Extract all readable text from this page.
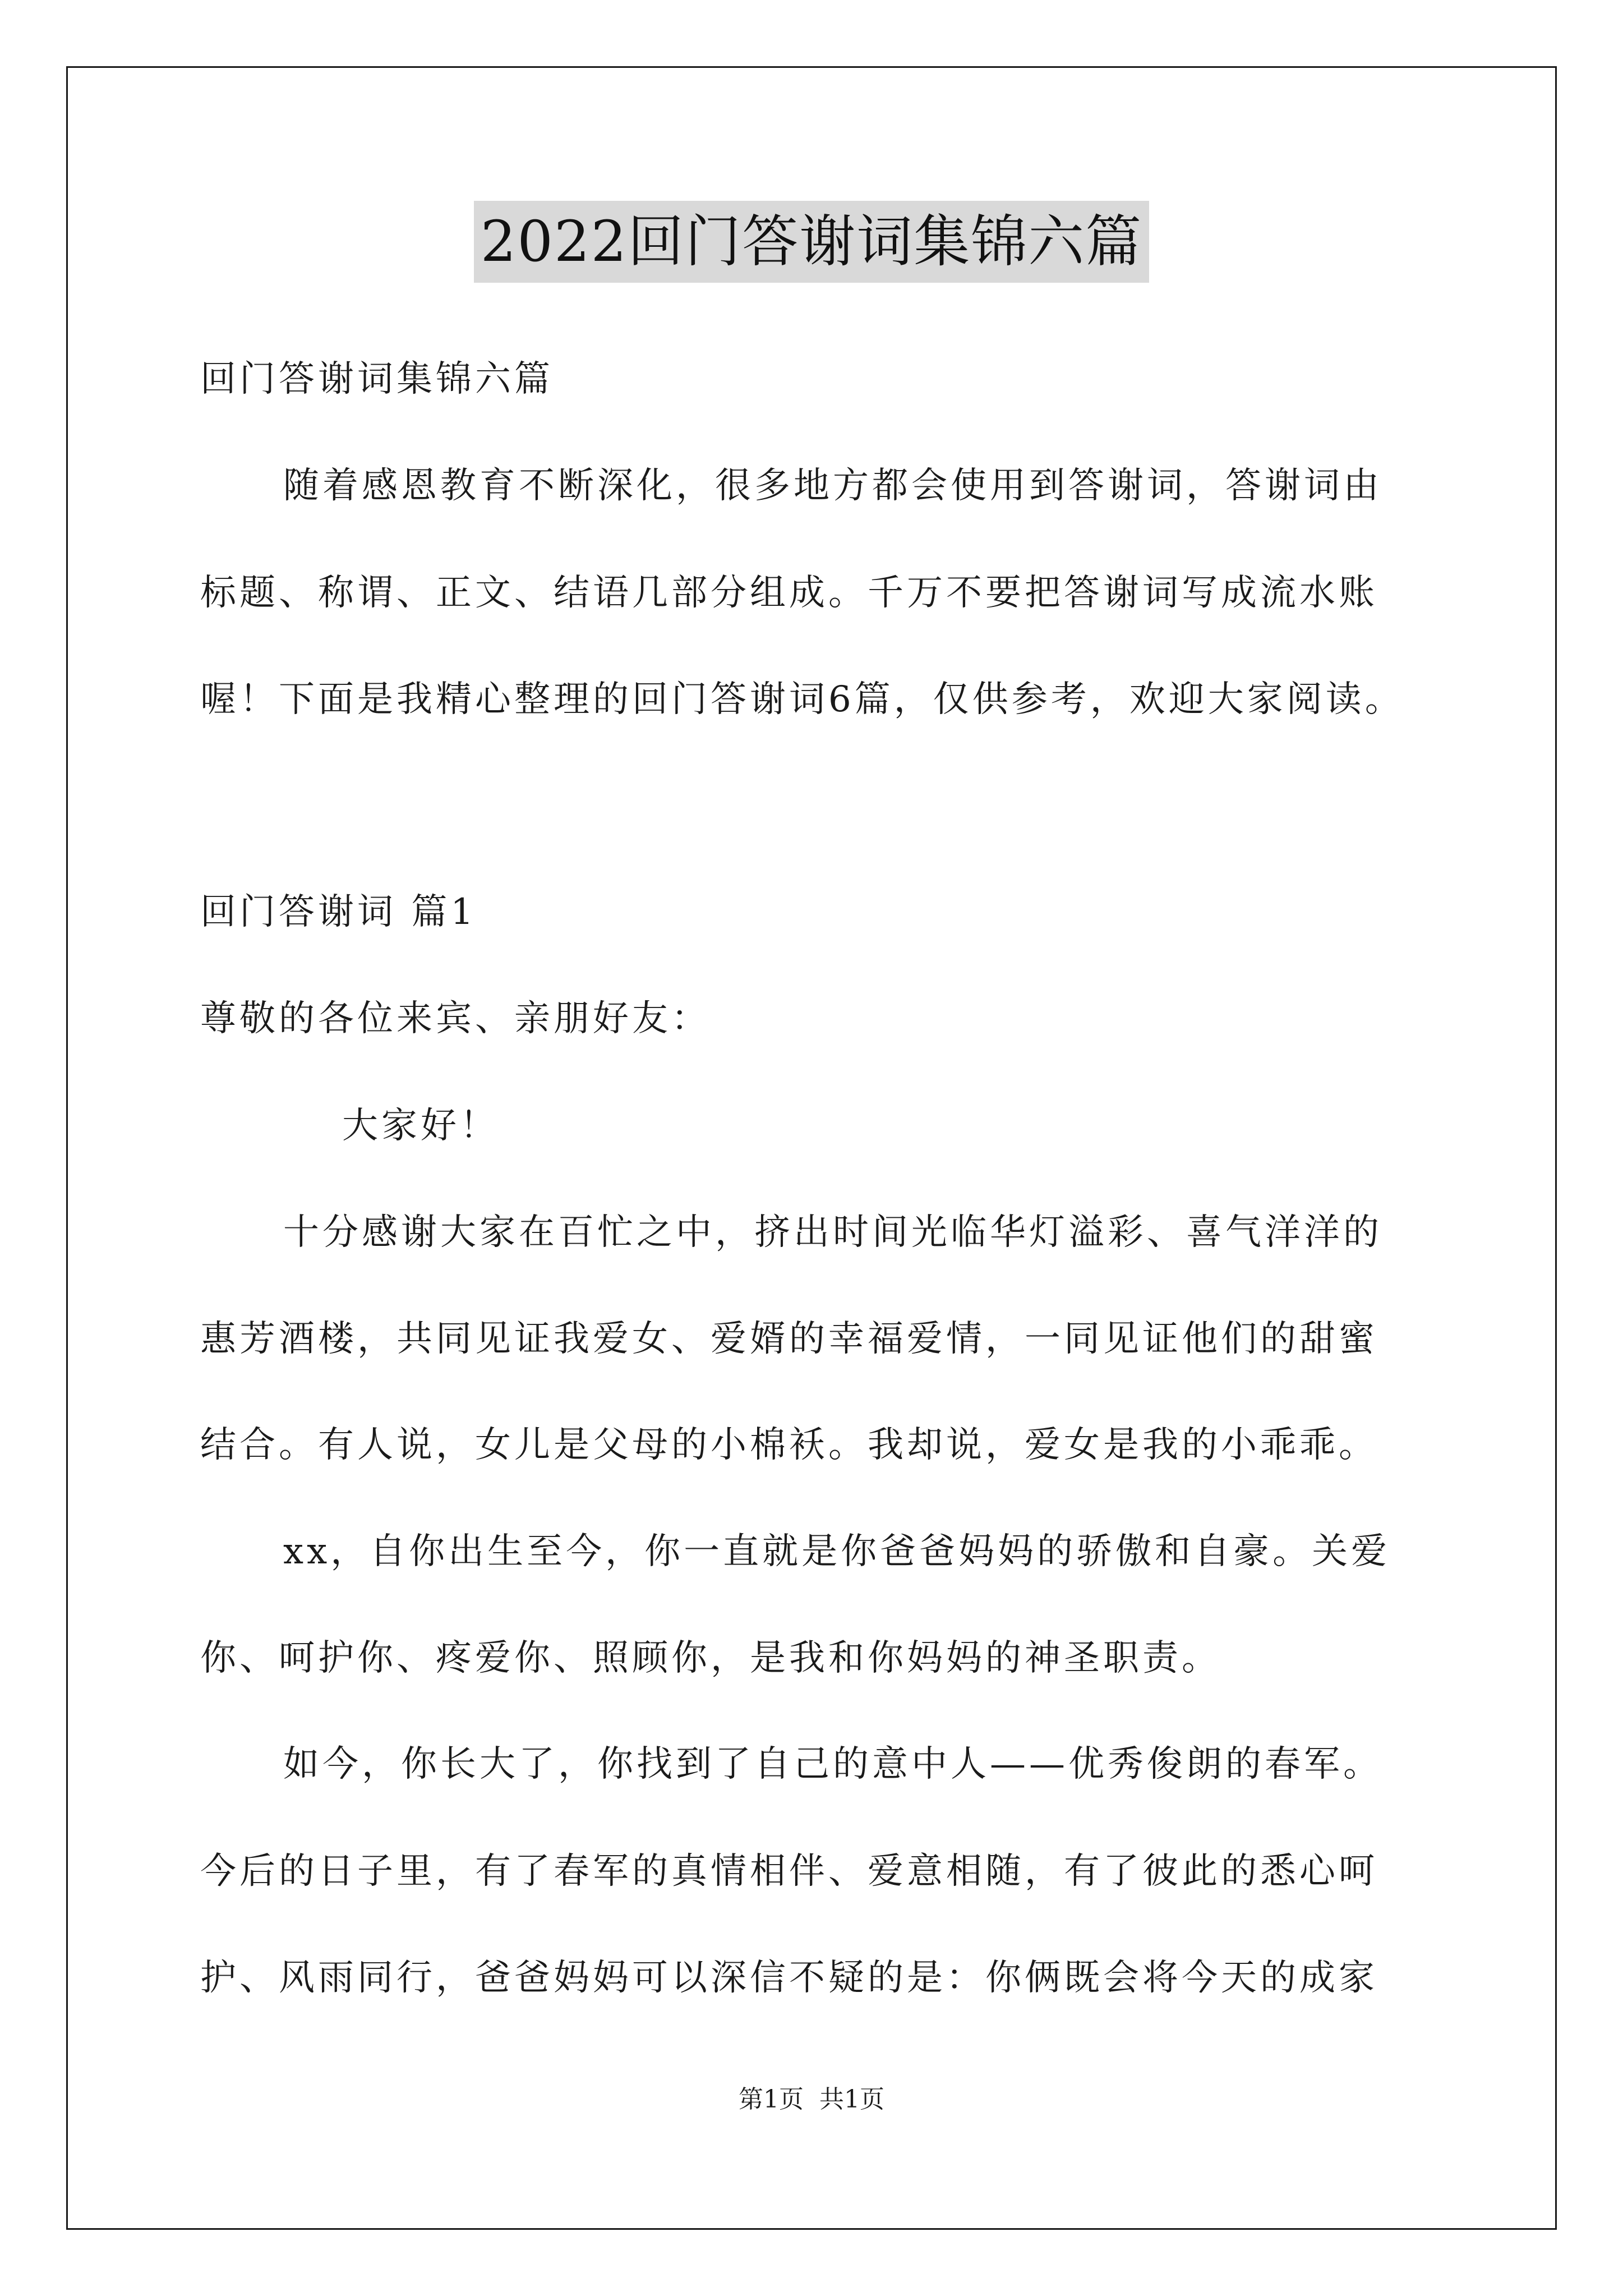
2022回门答谢词集锦六篇
回门答谢词集锦六篇
随着感恩教育不断深化，很多地方都会使用到答谢词，答谢词由
标题、称谓、正文、结语几部分组成。千万不要把答谢词写成流水账
喔！下面是我精心整理的回门答谢词6篇，仅供参考，欢迎大家阅读。
回门答谢词 篇1
尊敬的各位来宾、亲朋好友：
大家好！
十分感谢大家在百忙之中，挤出时间光临华灯溢彩、喜气洋洋的
惠芳酒楼，共同见证我爱女、爱婿的幸福爱情，一同见证他们的甜蜜
结合。有人说，女儿是父母的小棉袄。我却说，爱女是我的小乖乖。
xx，自你出生至今，你一直就是你爸爸妈妈的骄傲和自豪。关爱
你、呵护你、疼爱你、照顾你，是我和你妈妈的神圣职责。
如今，你长大了，你找到了自己的意中人——优秀俊朗的春军。
今后的日子里，有了春军的真情相伴、爱意相随，有了彼此的悉心呵
护、风雨同行，爸爸妈妈可以深信不疑的是：你俩既会将今天的成家
第1页 共1页
